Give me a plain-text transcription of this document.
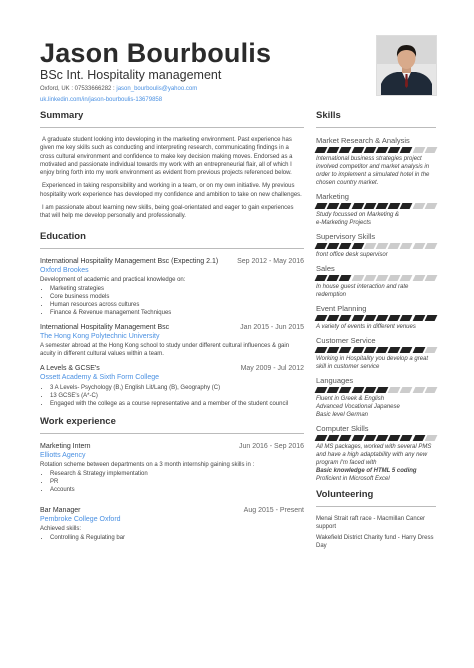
Jason Bourboulis
BSc Int. Hospitality management
Oxford, UK : 07533666282 : jason_bourboulis@yahoo.com
uk.linkedin.com/in/jason-bourboulis-13679858
Summary

A graduate student looking into developing in the marketing environment. Past experience has given me key skills such as conducting and interpreting research, communicating findings in a cross cultural environment and confidence to make key decision making moves. Endorsed as a motivated and passionate individual towards my work with an entrepreneurial flair, all of which I enjoy bring forth into my work environment as evident from previous projects referenced below.

Experienced in taking responsibility and working in a team, or on my own initiative. My previous hospitality work experience has developed my confidence and ambition to take on new challenges.

I am passionate about learning new skills, being goal-orientated and eager to gain experiences that will help me develop personally and professionally.

Education
International Hospitality Management Bsc (Expecting 2.1)	Sep 2012 - May 2016
Oxford Brookes
Development of academic and practical knowledge on:
• Marketing strategies
• Core business models
• Human resources across cultures
• Finance & Revenue management Techniques
International Hospitality Management Bsc	Jan 2015 - Jun 2015
The Hong Kong Polytechnic University
A semester abroad at the Hong Kong school to study under different cultural influences & gain acuity in different cultural values within a team.
A Levels & GCSE's	May 2009 - Jul 2012
Ossett Academy & Sixth Form College
• 3 A Levels- Psychology (B,) English Lit/Lang (B), Geography (C)
• 13 GCSE's (A*-C)
• Engaged with the college as a course representative and a member of the student council
Work experience
Marketing Intern	Jun 2016 - Sep 2016
Elliotts Agency
Rotation scheme between departments on a 3 month internship gaining skills in :
• Research & Strategy implementation
• PR
• Accounts
Bar Manager	Aug 2015 - Present
Pembroke College Oxford
Achieved skills:
• Controlling & Regulating bar
Skills
Market Research & Analysis
International business strategies project involved competitor and market analysis in order to implement a simulated hotel in the chosen country market.
Marketing
Study focussed on Marketing &
e-Marketing Projects
Supervisory Skills
front office desk supervisor
Sales
In house guest interaction and rate redemption
Event Planning
A variety of events in different venues
Customer Service
Working in Hospitality you develop a great skill in customer service
Languages
Fluent in Greek & English
Advanced Vocational Japanese
Basic level German
Computer Skills
All MS packages, worked with several PMS and have a high adaptability with any new program I'm faced with
Basic knowledge of HTML 5 coding
Proficient in Microsoft Excel
Volunteering
Menai Strait raft race - Macmillan Cancer support
Wakefield District Charity fund - Harry Dress Day
